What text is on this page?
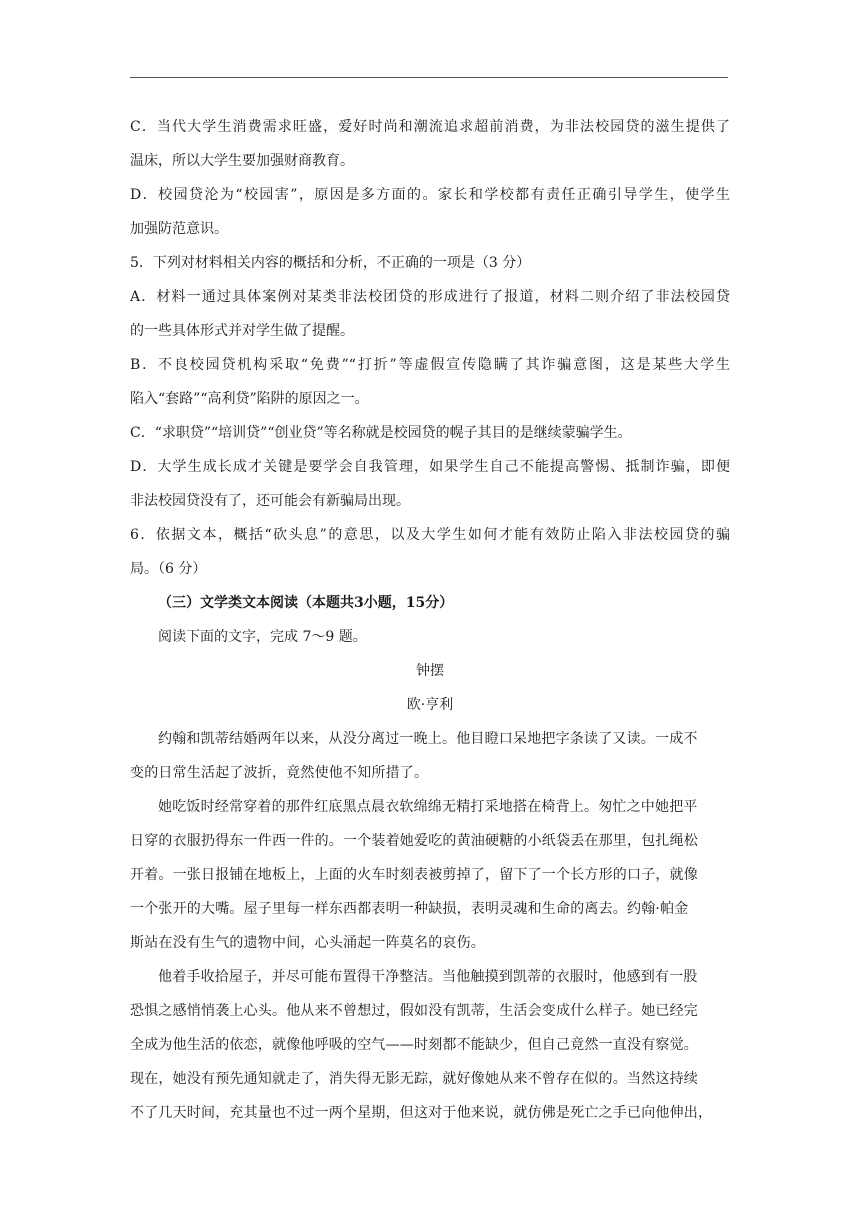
C．当代大学生消费需求旺盛，爱好时尚和潮流追求超前消费，为非法校园贷的滋生提供了
温床，所以大学生要加强财商教育。
D．校园贷沦为“校园害”，原因是多方面的。家长和学校都有责任正确引导学生，使学生
加强防范意识。
5．下列对材料相关内容的概括和分析，不正确的一项是（3 分）
A．材料一通过具体案例对某类非法校团贷的形成进行了报道，材料二则介绍了非法校园贷
的一些具体形式并对学生做了提醒。
B．不良校园贷机构采取“免费”“打折”等虚假宣传隐瞒了其诈骗意图，这是某些大学生
陷入“套路”“高利贷”陷阱的原因之一。
C．“求职贷”“培训贷”“创业贷”等名称就是校园贷的幌子其目的是继续蒙骗学生。
D．大学生成长成才关键是要学会自我管理，如果学生自己不能提高警惕、抵制诈骗，即便
非法校园贷没有了，还可能会有新骗局出现。
6．依据文本，概括“砍头息”的意思，以及大学生如何才能有效防止陷入非法校园贷的骗
局。（6 分）
（三）文学类文本阅读（本题共3小题，15分）
阅读下面的文字，完成 7～9 题。
钟摆
欧·亨利
约翰和凯蒂结婚两年以来，从没分离过一晚上。他目瞪口呆地把字条读了又读。一成不
变的日常生活起了波折，竟然使他不知所措了。
她吃饭时经常穿着的那件红底黑点晨衣软绵绵无精打采地搭在椅背上。匆忙之中她把平
日穿的衣服扔得东一件西一件的。一个装着她爱吃的黄油硬糖的小纸袋丢在那里，包扎绳松
开着。一张日报铺在地板上，上面的火车时刻表被剪掉了，留下了一个长方形的口子，就像
一个张开的大嘴。屋子里每一样东西都表明一种缺损，表明灵魂和生命的离去。约翰·帕金
斯站在没有生气的遗物中间，心头涌起一阵莫名的哀伤。
他着手收拾屋子，并尽可能布置得干净整洁。当他触摸到凯蒂的衣服时，他感到有一股
恐惧之感悄悄袭上心头。他从来不曾想过，假如没有凯蒂，生活会变成什么样子。她已经完
全成为他生活的依恋，就像他呼吸的空气——时刻都不能缺少，但自己竟然一直没有察觉。
现在，她没有预先通知就走了，消失得无影无踪，就好像她从来不曾存在似的。当然这持续
不了几天时间，充其量也不过一两个星期，但这对于他来说，就仿佛是死亡之手已向他伸出，
